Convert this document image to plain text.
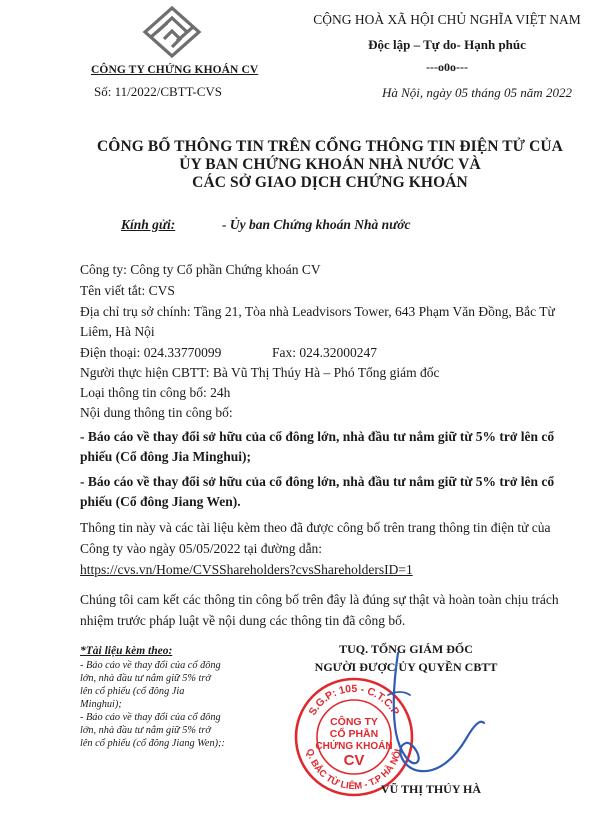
CÔNG TY CHỨNG KHOÁN CV
Số: 11/2022/CBTT-CVS
CỘNG HOÀ XÃ HỘI CHỦ NGHĨA VIỆT NAM
Độc lập – Tự do- Hạnh phúc
---o0o---
Hà Nội, ngày 05 tháng 05 năm 2022
CÔNG BỐ THÔNG TIN TRÊN CỔNG THÔNG TIN ĐIỆN TỬ CỦA
ỦY BAN CHỨNG KHOÁN NHÀ NƯỚC VÀ
CÁC SỞ GIAO DỊCH CHỨNG KHOÁN
Kính gửi:	- Ủy ban Chứng khoán Nhà nước
Công ty: Công ty Cổ phần Chứng khoán CV
Tên viết tắt: CVS
Địa chỉ trụ sở chính: Tầng 21, Tòa nhà Leadvisors Tower, 643 Phạm Văn Đồng, Bắc Từ
Liêm, Hà Nội
Điện thoại: 024.33770099	Fax: 024.32000247
Người thực hiện CBTT: Bà Vũ Thị Thúy Hà – Phó Tổng giám đốc
Loại thông tin công bố: 24h
Nội dung thông tin công bố:
- Báo cáo về thay đổi sở hữu của cổ đông lớn, nhà đầu tư nắm giữ từ 5% trở lên cổ
phiếu (Cổ đông Jia Minghui);
- Báo cáo về thay đổi sở hữu của cổ đông lớn, nhà đầu tư nắm giữ từ 5% trở lên cổ
phiếu (Cổ đông Jiang Wen).
Thông tin này và các tài liệu kèm theo đã được công bố trên trang thông tin điện tử của
Công ty vào ngày 05/05/2022 tại đường dẫn:
https://cvs.vn/Home/CVSShareholders?cvsShareholdersID=1
Chúng tôi cam kết các thông tin công bố trên đây là đúng sự thật và hoàn toàn chịu trách
nhiệm trước pháp luật về nội dung các thông tin đã công bố.
*Tài liệu kèm theo:
- Báo cáo về thay đổi của cổ đông
lớn, nhà đầu tư nắm giữ 5% trở
lên cổ phiếu (cổ đông Jia
Minghui);
- Báo cáo về thay đổi của cổ đông
lớn, nhà đầu tư nắm giữ 5% trở
lên cổ phiếu (cổ đông Jiang Wen);:
TUQ. TỔNG GIÁM ĐỐC
NGƯỜI ĐƯỢC ỦY QUYỀN CBTT
S.G.P: 105 - C.T.C.P
Q. BẮC TỪ LIÊM - T.P HÀ NỘI
CÔNG TY
CỔ PHẦN
CHỨNG KHOÁN
CV
VŨ THỊ THÚY HÀ
